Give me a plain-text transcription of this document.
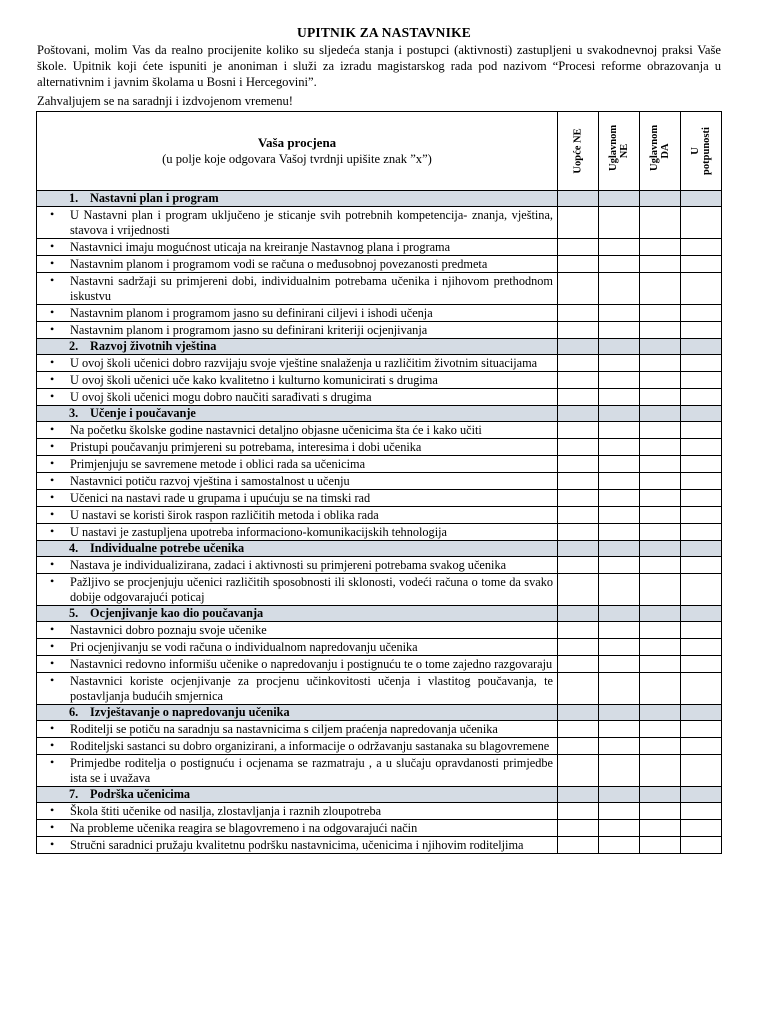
UPITNIK ZA NASTAVNIKE

Poštovani, molim Vas da realno procijenite koliko su sljedeća stanja i postupci (aktivnosti) zastupljeni u svakodnevnoj praksi Vaše škole. Upitnik koji ćete ispuniti je anoniman i služi za izradu magistarskog rada pod nazivom “Procesi reforme obrazovanja u alternativnim i javnim školama u Bosni i Hercegovini”.

Zahvaljujem se na saradnji i izdvojenom vremenu!
Vaša procjena
(u polje koje odgovara Vašoj tvrdnji upišite znak ”x”)	Uopće NE	Uglavnom NE	Uglavnom DA	U potpunosti

1. Nastavni plan i program				

• U Nastavni plan i program uključeno je sticanje svih potrebnih kompetencija- znanja, vještina, stavova i vrijednosti				

• Nastavnici imaju mogućnost uticaja na kreiranje Nastavnog plana i programa				

• Nastavnim planom i programom vodi se računa o međusobnoj povezanosti predmeta				

• Nastavni sadržaji su primjereni dobi, individualnim potrebama učenika i njihovom prethodnom iskustvu				

• Nastavnim planom i programom jasno su definirani ciljevi i ishodi učenja				

• Nastavnim planom i programom jasno su definirani kriteriji ocjenjivanja				

2. Razvoj životnih vještina				

• U ovoj školi učenici dobro razvijaju svoje vještine snalaženja u različitim životnim situacijama				

• U ovoj školi učenici uče kako kvalitetno i kulturno komunicirati s drugima				

• U ovoj školi učenici mogu dobro naučiti sarađivati s drugima				

3. Učenje i poučavanje				

• Na početku školske godine nastavnici detaljno objasne učenicima šta će i kako učiti				

• Pristupi poučavanju primjereni su potrebama, interesima i dobi učenika				

• Primjenjuju se savremene metode i oblici rada sa učenicima				

• Nastavnici potiču razvoj vještina i samostalnost u učenju				

• Učenici na nastavi rade u grupama i upućuju se na timski rad				

• U nastavi se koristi širok raspon različitih metoda i oblika rada				

• U nastavi je zastupljena upotreba informaciono-komunikacijskih tehnologija				

4. Individualne potrebe učenika				

• Nastava je individualizirana, zadaci i aktivnosti su primjereni potrebama svakog učenika				

• Pažljivo se procjenjuju učenici različitih sposobnosti ili sklonosti, vodeći računa o tome da svako dobije odgovarajući poticaj				

5. Ocjenjivanje kao dio poučavanja				

• Nastavnici dobro poznaju svoje učenike				

• Pri ocjenjivanju se vodi računa o individualnom napredovanju učenika				

• Nastavnici redovno informišu učenike o napredovanju i postignuću te o tome zajedno razgovaraju				

• Nastavnici koriste ocjenjivanje za procjenu učinkovitosti učenja i vlastitog poučavanja, te postavljanja budućih smjernica				

6. Izvještavanje o napredovanju učenika				

• Roditelji se potiču na saradnju sa nastavnicima s ciljem praćenja napredovanja učenika				

• Roditeljski sastanci su dobro organizirani, a informacije o održavanju sastanaka su blagovremene				

• Primjedbe roditelja o postignuću i ocjenama se razmatraju , a u slučaju opravdanosti primjedbe ista se i uvažava				

7. Podrška učenicima				

• Škola štiti učenike od nasilja, zlostavljanja i raznih zloupotreba				

• Na probleme učenika reagira se blagovremeno i na odgovarajući način				

• Stručni saradnici pružaju kvalitetnu podršku nastavnicima, učenicima i njihovim roditeljima				
